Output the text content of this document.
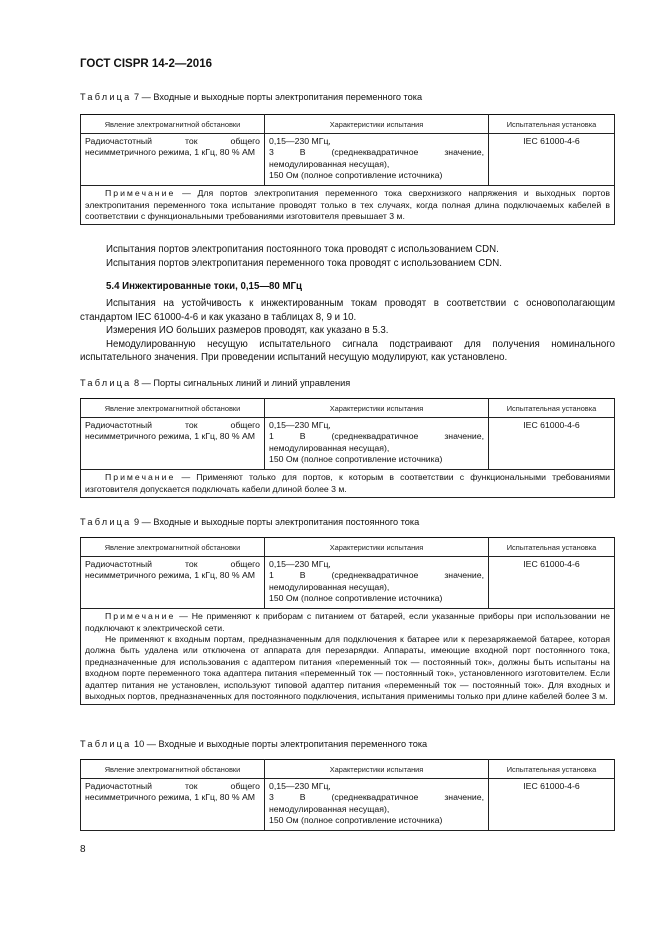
ГОСТ CISPR 14-2—2016
Таблица 7 — Входные и выходные порты электропитания переменного тока
Явление электромагнитной обстановки	Характеристики испытания	Испытательная установка
Радиочастотный ток общего несимметричного режима, 1 кГц, 80 % АМ	0,15—230 МГц,
3 В (среднеквадратичное значение, немодулированная несущая),
150 Ом (полное сопротивление источника)	IEC 61000-4-6

Примечание — Для портов электропитания переменного тока сверхнизкого напряжения и выходных портов электропитания переменного тока испытание проводят только в тех случаях, когда полная длина подключаемых кабелей в соответствии с функциональными требованиями изготовителя превышает 3 м.		

Испытания портов электропитания постоянного тока проводят с использованием CDN.

Испытания портов электропитания переменного тока проводят с использованием CDN.

5.4 Инжектированные токи, 0,15—80 МГц

Испытания на устойчивость к инжектированным токам проводят в соответствии с основополагающим стандартом IEC 61000-4-6 и как указано в таблицах 8, 9 и 10.

Измерения ИО больших размеров проводят, как указано в 5.3.

Немодулированную несущую испытательного сигнала подстраивают для получения номинального испытательного значения. При проведении испытаний несущую модулируют, как установлено.

Таблица 8 — Порты сигнальных линий и линий управления
Явление электромагнитной обстановки	Характеристики испытания	Испытательная установка
Радиочастотный ток общего несимметричного режима, 1 кГц, 80 % АМ	0,15—230 МГц,
1 В (среднеквадратичное значение, немодулированная несущая),
150 Ом (полное сопротивление источника)	IEC 61000-4-6

Примечание — Применяют только для портов, к которым в соответствии с функциональными требованиями изготовителя допускается подключать кабели длиной более 3 м.		

Таблица 9 — Входные и выходные порты электропитания постоянного тока
Явление электромагнитной обстановки	Характеристики испытания	Испытательная установка
Радиочастотный ток общего несимметричного режима, 1 кГц, 80 % АМ	0,15—230 МГц,
1 В (среднеквадратичное значение, немодулированная несущая),
150 Ом (полное сопротивление источника)	IEC 61000-4-6

Примечание — Не применяют к приборам с питанием от батарей, если указанные приборы при использовании не подключают к электрической сети.

Не применяют к входным портам, предназначенным для подключения к батарее или к перезаряжаемой батарее, которая должна быть удалена или отключена от аппарата для перезарядки. Аппараты, имеющие входной порт постоянного тока, предназначенные для использования с адаптером питания «переменный ток — постоянный ток», должны быть испытаны на входном порте переменного тока адаптера питания «переменный ток — постоянный ток», установленного изготовителем. Если адаптер питания не установлен, используют типовой адаптер питания «переменный ток — постоянный ток». Для входных и выходных портов, предназначенных для постоянного подключения, испытания применимы только при длине кабелей более 3 м.		

Таблица 10 — Входные и выходные порты электропитания переменного тока
Явление электромагнитной обстановки	Характеристики испытания	Испытательная установка
Радиочастотный ток общего несимметричного режима, 1 кГц, 80 % АМ	0,15—230 МГц,
3 В (среднеквадратичное значение, немодулированная несущая),
150 Ом (полное сопротивление источника)	IEC 61000-4-6
8
